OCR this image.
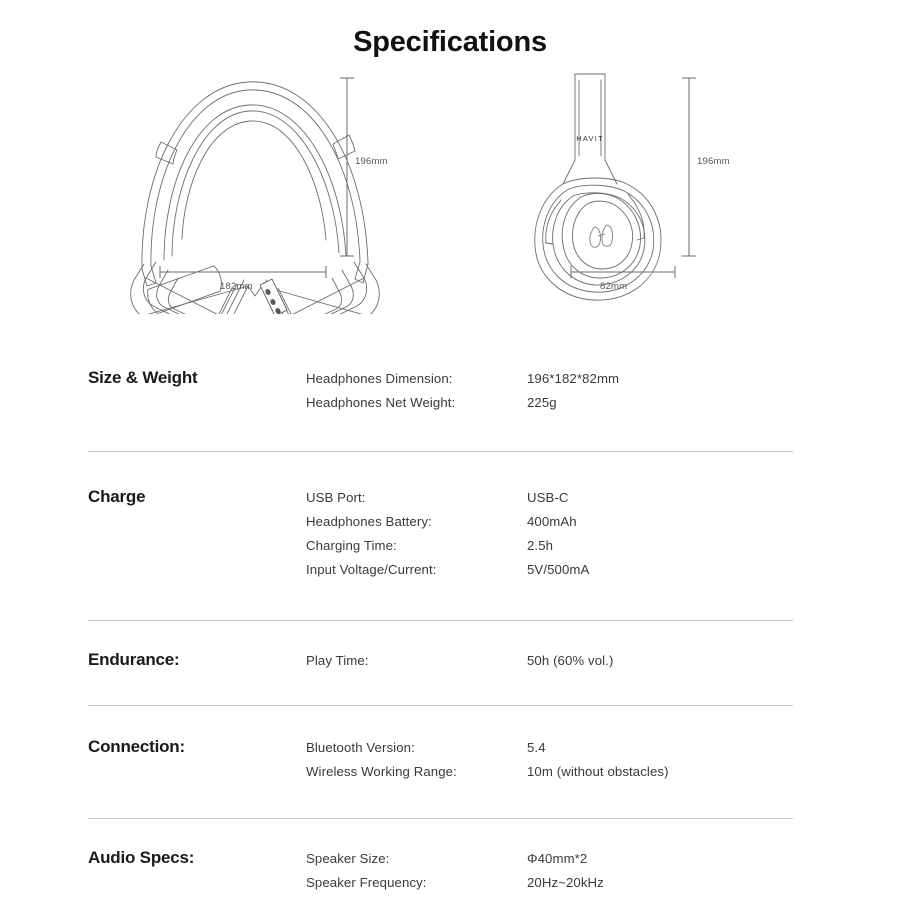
Specifications
196mm
182mm
HAVIT
196mm
82mm
Size & Weight	Headphones Dimension:	196*182*82mm
Headphones Net Weight:	225g
Charge	USB Port:	USB-C
Headphones Battery:	400mAh
Charging Time:	2.5h
Input Voltage/Current:	5V/500mA
Endurance:	Play Time:	50h (60% vol.)
Connection:	Bluetooth Version:	5.4
Wireless Working Range:	10m (without obstacles)
Audio Specs:	Speaker Size:	Φ40mm*2
Speaker Frequency:	20Hz~20kHz
